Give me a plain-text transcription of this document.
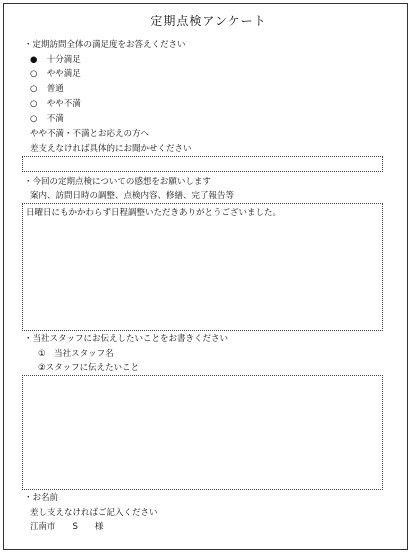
定期点検アンケート
・定期訪問全体の満足度をお答えください
● 十分満足
○ やや満足
○ 普通
○ やや不満
○ 不満
やや不満・不満とお応えの方へ
差支えなければ具体的にお聞かせください
・今回の定期点検についての感想をお願いします
案内、訪問日時の調整、点検内容、修繕、完了報告等
日曜日にもかかわらず日程調整いただきありがとうございました。
・当社スタッフにお伝えしたいことをお書きください
①　当社スタッフ名
②スタッフに伝えたいこと
・お名前
差し支えなければご記入ください
江南市　　S　　様
